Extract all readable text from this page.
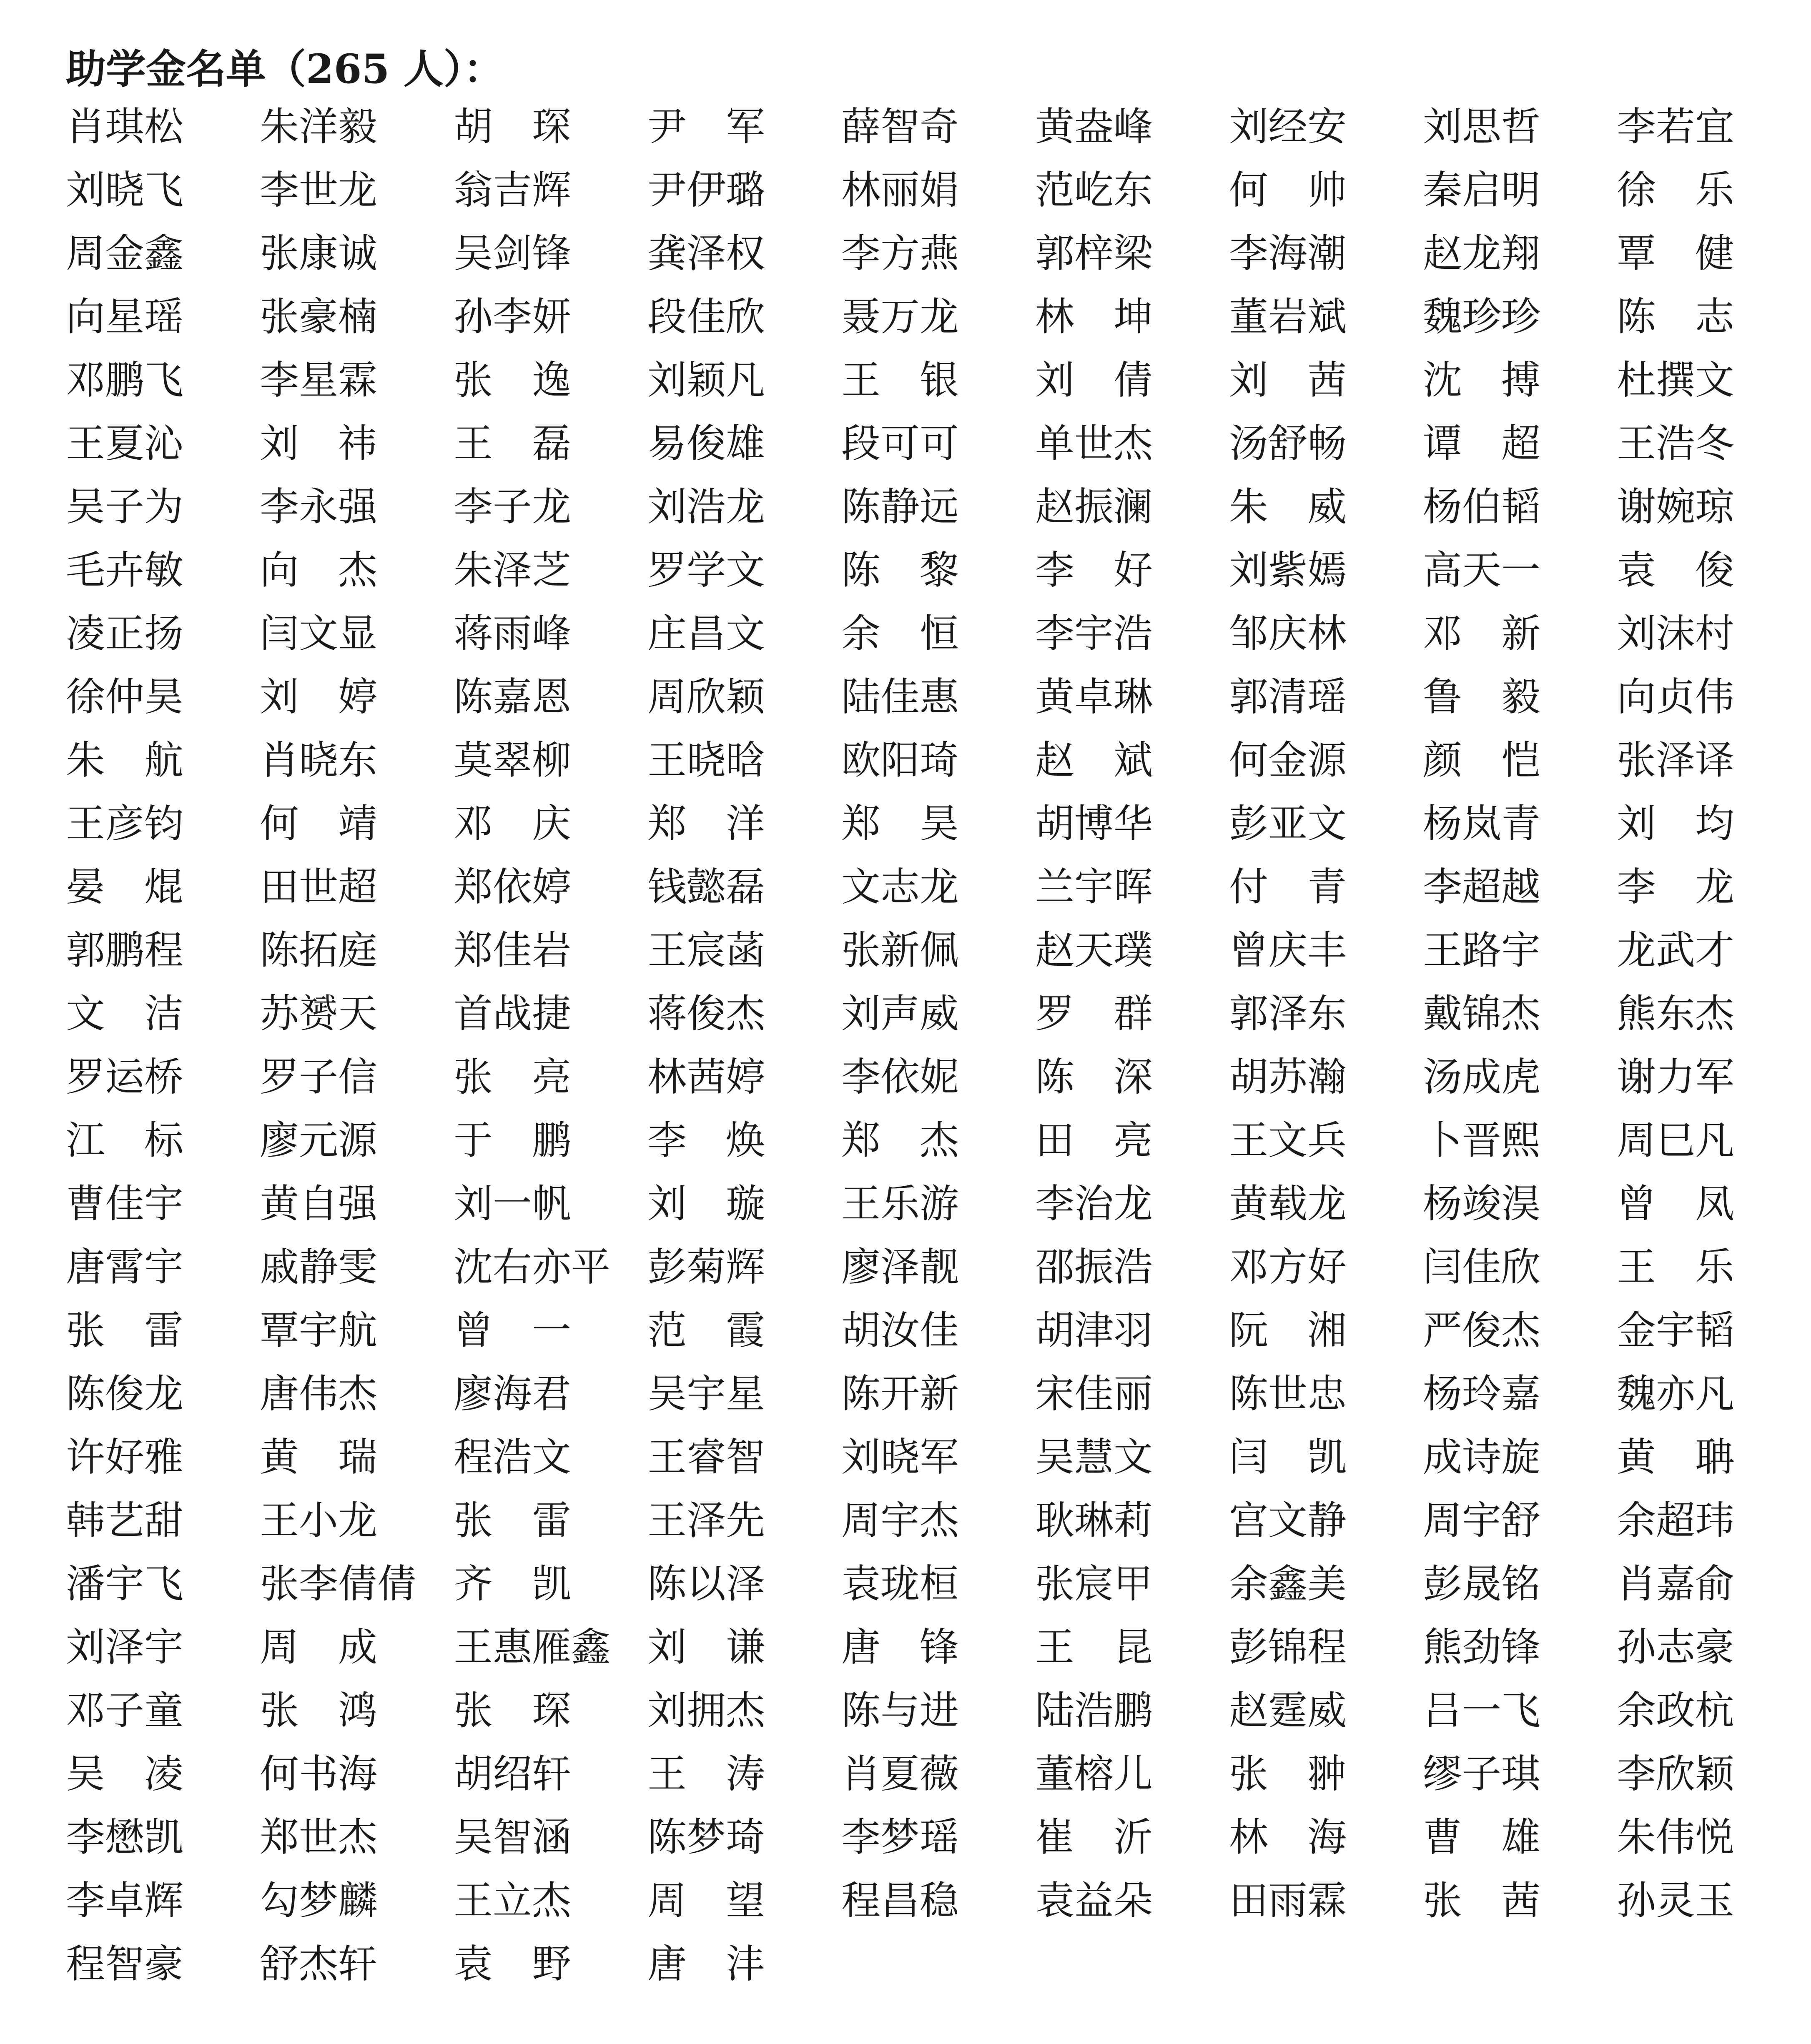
助学金名单（265 人）：
肖琪松 朱洋毅 胡　琛 尹　军 薛智奇 黄盎峰 刘经安 刘思哲 李若宜
刘晓飞 李世龙 翁吉辉 尹伊璐 林丽娟 范屹东 何　帅 秦启明 徐　乐
周金鑫 张康诚 吴剑锋 龚泽权 李方燕 郭梓梁 李海潮 赵龙翔 覃　健
向星瑶 张豪楠 孙李妍 段佳欣 聂万龙 林　坤 董岩斌 魏珍珍 陈　志
邓鹏飞 李星霖 张　逸 刘颖凡 王　银 刘　倩 刘　茜 沈　搏 杜撰文
王夏沁 刘　祎 王　磊 易俊雄 段可可 单世杰 汤舒畅 谭　超 王浩冬
吴子为 李永强 李子龙 刘浩龙 陈静远 赵振澜 朱　威 杨伯韬 谢婉琼
毛卉敏 向　杰 朱泽芝 罗学文 陈　黎 李　好 刘紫嫣 高天一 袁　俊
凌正扬 闫文显 蒋雨峰 庄昌文 余　恒 李宇浩 邹庆林 邓　新 刘沫村
徐仲昊 刘　婷 陈嘉恩 周欣颖 陆佳惠 黄卓琳 郭清瑶 鲁　毅 向贞伟
朱　航 肖晓东 莫翠柳 王晓晗 欧阳琦 赵　斌 何金源 颜　恺 张泽译
王彦钧 何　靖 邓　庆 郑　洋 郑　昊 胡博华 彭亚文 杨岚青 刘　均
晏　焜 田世超 郑依婷 钱懿磊 文志龙 兰宇晖 付　青 李超越 李　龙
郭鹏程 陈拓庭 郑佳岩 王宸菡 张新佩 赵天璞 曾庆丰 王路宇 龙武才
文　洁 苏赟天 首战捷 蒋俊杰 刘声威 罗　群 郭泽东 戴锦杰 熊东杰
罗运桥 罗子信 张　亮 林茜婷 李依妮 陈　深 胡苏瀚 汤成虎 谢力军
江　标 廖元源 于　鹏 李　焕 郑　杰 田　亮 王文兵 卜晋熙 周巳凡
曹佳宇 黄自强 刘一帆 刘　璇 王乐游 李治龙 黄载龙 杨竣淏 曾　凤
唐霄宇 戚静雯 沈右亦平 彭菊辉 廖泽靓 邵振浩 邓方好 闫佳欣 王　乐
张　雷 覃宇航 曾　一 范　霞 胡汝佳 胡津羽 阮　湘 严俊杰 金宇韬
陈俊龙 唐伟杰 廖海君 吴宇星 陈开新 宋佳丽 陈世忠 杨玲嘉 魏亦凡
许好雅 黄　瑞 程浩文 王睿智 刘晓军 吴慧文 闫　凯 成诗旋 黄　聃
韩艺甜 王小龙 张　雷 王泽先 周宇杰 耿琳莉 宫文静 周宇舒 余超玮
潘宇飞 张李倩倩 齐　凯 陈以泽 袁珑桓 张宸甲 余鑫美 彭晟铭 肖嘉俞
刘泽宇 周　成 王惠雁鑫 刘　谦 唐　锋 王　昆 彭锦程 熊劲锋 孙志豪
邓子童 张　鸿 张　琛 刘拥杰 陈与进 陆浩鹏 赵霆威 吕一飞 余政杭
吴　凌 何书海 胡绍轩 王　涛 肖夏薇 董榕儿 张　翀 缪子琪 李欣颖
李懋凯 郑世杰 吴智涵 陈梦琦 李梦瑶 崔　沂 林　海 曹　雄 朱伟悦
李卓辉 勾梦麟 王立杰 周　望 程昌稳 袁益朵 田雨霖 张　茜 孙灵玉
程智豪 舒杰轩 袁　野 唐　沣
